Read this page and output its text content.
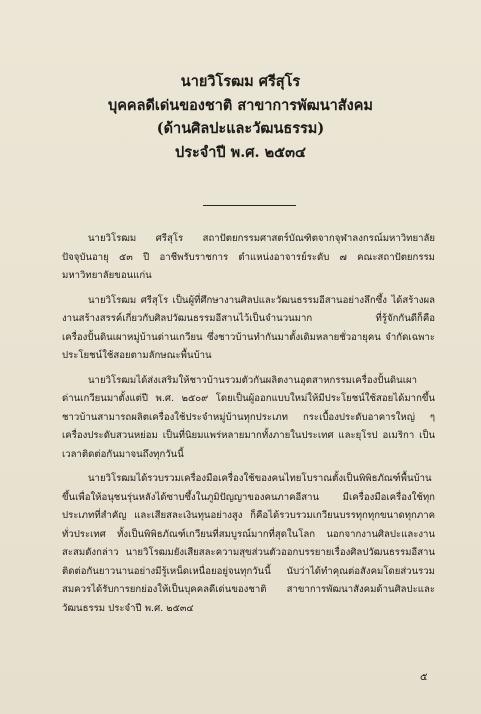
นายวิโรฒม ศรีสุโร
บุคคลดีเด่นของชาติ สาขาการพัฒนาสังคม
(ด้านศิลปะและวัฒนธรรม)
ประจำปี พ.ศ. ๒๕๓๔

นายวิโรฒม ศรีสุโร สถาปัตยกรรมศาสตร์บัณฑิตจากจุฬาลงกรณ์มหาวิทยาลัย ปัจจุบันอายุ ๕๓ ปี อาชีพรับราชการ ตำแหน่งอาจารย์ระดับ ๗ คณะสถาปัตยกรรม มหาวิทยาลัยขอนแก่น

นายวิโรฒม ศรีสุโร เป็นผู้ที่ศึกษางานศิลปและวัฒนธรรมอีสานอย่างลึกซึ้ง ได้สร้างผลงานสร้างสรรค์เกี่ยวกับศิลปวัฒนธรรมอีสานไว้เป็นจำนวนมาก ที่รู้จักกันดีก็คือ เครื่องปั้นดินเผาหมู่บ้านด่านเกวียน ซึ่งชาวบ้านทำกันมาตั้งเดิมหลายชั่วอายุคน จำกัดเฉพาะประโยชน์ใช้สอยตามลักษณะพื้นบ้าน

นายวิโรฒมได้ส่งเสริมให้ชาวบ้านรวมตัวกันผลิตงานอุตสาหกรรมเครื่องปั้นดินเผาด่านเกวียนมาตั้งแต่ปี พ.ศ. ๒๕๐๙ โดยเป็นผู้ออกแบบใหม่ให้มีประโยชน์ใช้สอยได้มากขึ้น ชาวบ้านสามารถผลิตเครื่องใช้ประจำหมู่บ้านทุกประเภท กระเบื้องประดับอาคารใหญ่ ๆ เครื่องประดับสวนหย่อม เป็นที่นิยมแพร่หลายมากทั้งภายในประเทศ และยุโรป อเมริกา เป็นเวลาติดต่อกันมาจนถึงทุกวันนี้

นายวิโรฒมได้รวบรวมเครื่องมือเครื่องใช้ของคนไทยโบราณตั้งเป็นพิพิธภัณฑ์พื้นบ้านขึ้นเพื่อให้อนุชนรุ่นหลังได้ซาบซึ้งในภูมิปัญญาของคนภาคอีสาน มีเครื่องมือเครื่องใช้ทุกประเภทที่สำคัญ และเสียสละเงินทุนอย่างสูง ก็คือได้รวบรวมเกวียนบรรทุกทุกขนาดทุกภาคทั่วประเทศ ทั้งเป็นพิพิธภัณฑ์เกวียนที่สมบูรณ์มากที่สุดในโลก นอกจากงานศิลปะและงานสะสมดังกล่าว นายวิโรฒมยังเสียสละความสุขส่วนตัวออกบรรยายเรื่องศิลปวัฒนธรรมอีสานติดต่อกันยาวนานอย่างมีรู้เหน็ดเหนื่อยอยู่จนทุกวันนี้ นับว่าได้ทำคุณต่อสังคมโดยส่วนรวมสมควรได้รับการยกย่องให้เป็นบุคคลดีเด่นของชาติ สาขาการพัฒนาสังคมด้านศิลปะและวัฒนธรรม ประจำปี พ.ศ. ๒๕๓๔

๕
